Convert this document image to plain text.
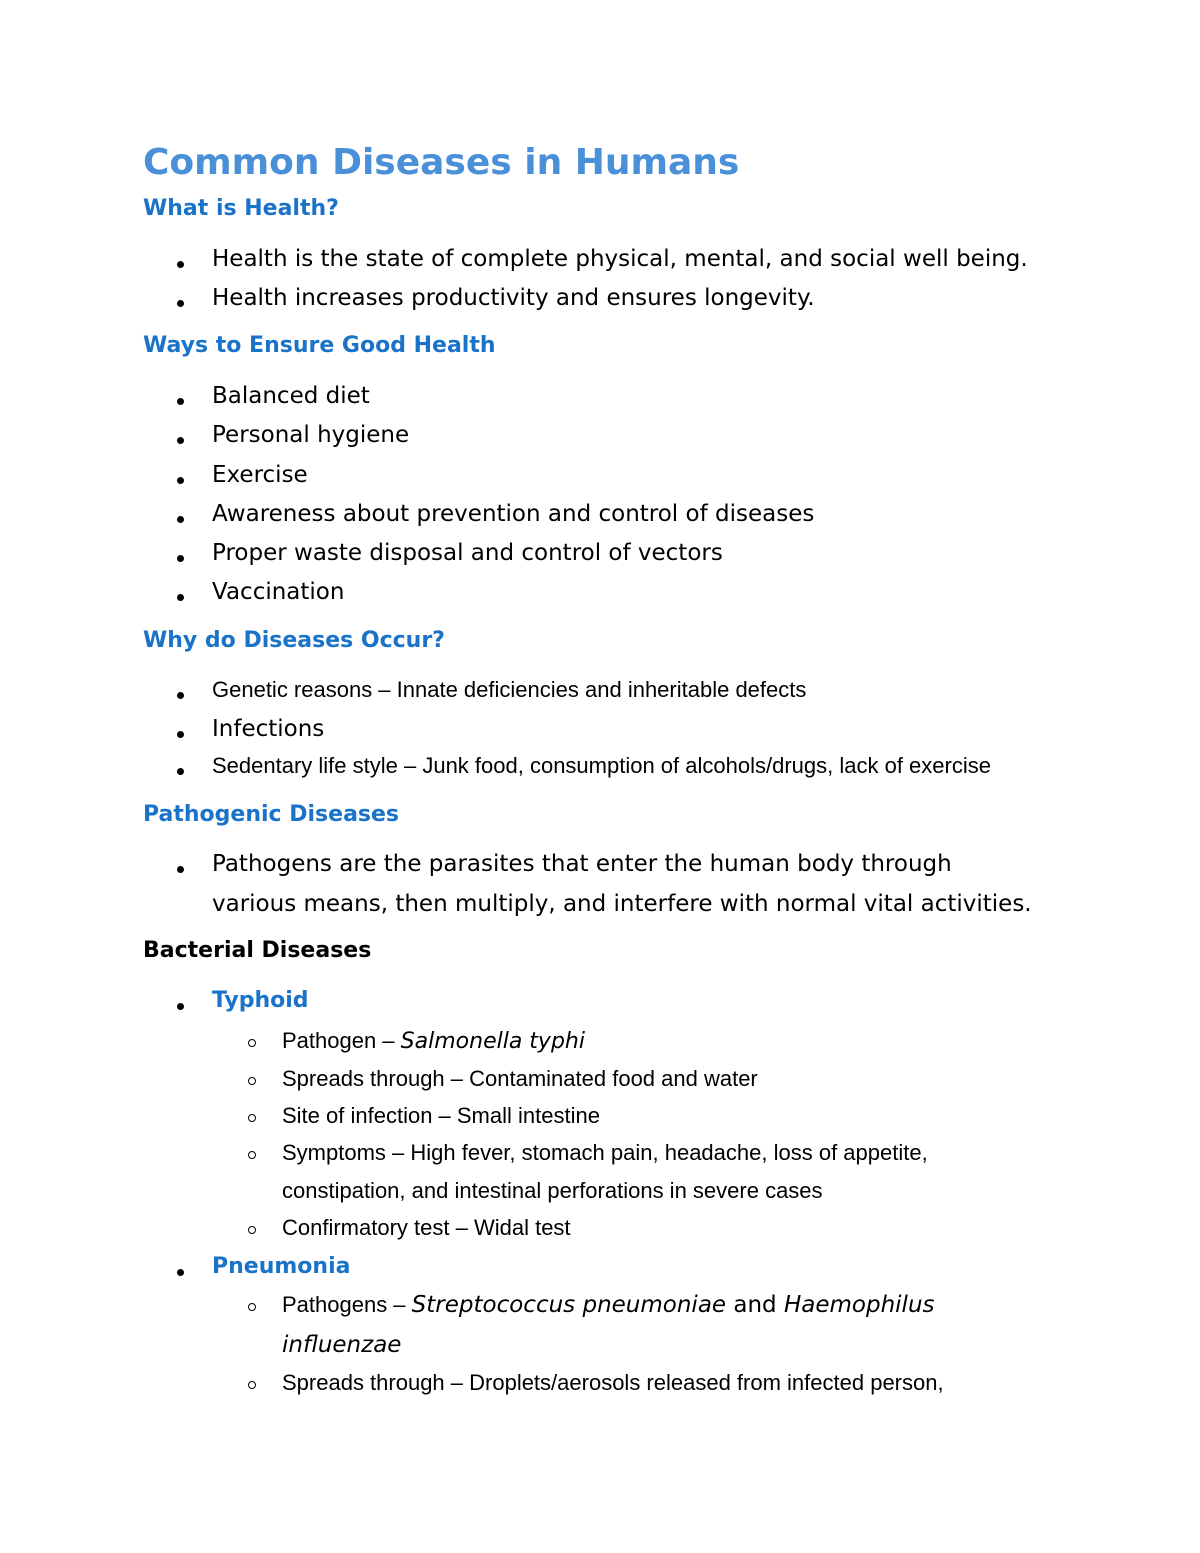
Common Diseases in Humans
What is Health?
Health is the state of complete physical, mental, and social well being.
Health increases productivity and ensures longevity.
Ways to Ensure Good Health
Balanced diet
Personal hygiene
Exercise
Awareness about prevention and control of diseases
Proper waste disposal and control of vectors
Vaccination
Why do Diseases Occur?
Genetic reasons – Innate deficiencies and inheritable defects
Infections
Sedentary life style – Junk food, consumption of alcohols/drugs, lack of exercise
Pathogenic Diseases
Pathogens are the parasites that enter the human body through
various means, then multiply, and interfere with normal vital activities.
Bacterial Diseases
Typhoid
Pathogen – Salmonella typhi
Spreads through – Contaminated food and water
Site of infection – Small intestine
Symptoms – High fever, stomach pain, headache, loss of appetite,
constipation, and intestinal perforations in severe cases
Confirmatory test – Widal test
Pneumonia
Pathogens – Streptococcus pneumoniae and Haemophilus
influenzae
Spreads through – Droplets/aerosols released from infected person,
